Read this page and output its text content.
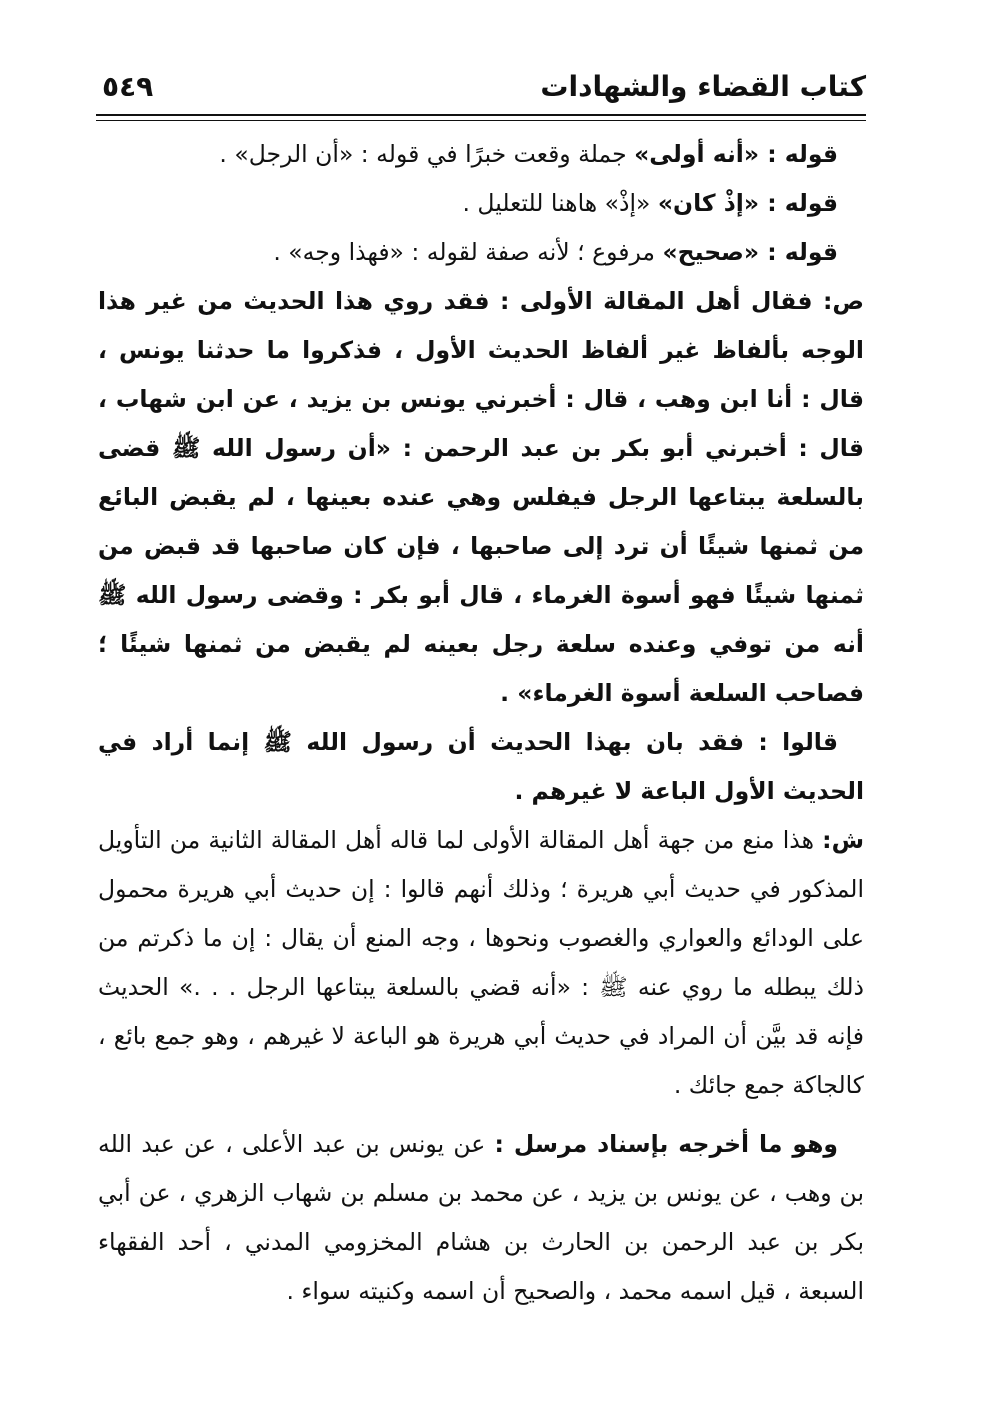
كتاب القضاء والشهادات
٥٤٩

قوله : «أنه أولى» جملة وقعت خبرًا في قوله : «أن الرجل» .

قوله : «إذْ كان» «إذْ» هاهنا للتعليل .

قوله : «صحيح» مرفوع ؛ لأنه صفة لقوله : «فهذا وجه» .

ص: فقال أهل المقالة الأولى : فقد روي هذا الحديث من غير هذا الوجه بألفاظ غير ألفاظ الحديث الأول ، فذكروا ما حدثنا يونس ، قال : أنا ابن وهب ، قال : أخبرني يونس بن يزيد ، عن ابن شهاب ، قال : أخبرني أبو بكر بن عبد الرحمن : «أن رسول الله ﷺ قضى بالسلعة يبتاعها الرجل فيفلس وهي عنده بعينها ، لم يقبض البائع من ثمنها شيئًا أن ترد إلى صاحبها ، فإن كان صاحبها قد قبض من ثمنها شيئًا فهو أسوة الغرماء ، قال أبو بكر : وقضى رسول الله ﷺ أنه من توفي وعنده سلعة رجل بعينه لم يقبض من ثمنها شيئًا ؛ فصاحب السلعة أسوة الغرماء» .

قالوا : فقد بان بهذا الحديث أن رسول الله ﷺ إنما أراد في الحديث الأول الباعة لا غيرهم .

ش: هذا منع من جهة أهل المقالة الأولى لما قاله أهل المقالة الثانية من التأويل المذكور في حديث أبي هريرة ؛ وذلك أنهم قالوا : إن حديث أبي هريرة محمول على الودائع والعواري والغصوب ونحوها ، وجه المنع أن يقال : إن ما ذكرتم من ذلك يبطله ما روي عنه ﷺ : «أنه قضي بالسلعة يبتاعها الرجل . . .» الحديث فإنه قد بيَّن أن المراد في حديث أبي هريرة هو الباعة لا غيرهم ، وهو جمع بائع ، كالجاكة جمع جائك .

وهو ما أخرجه بإسناد مرسل : عن يونس بن عبد الأعلى ، عن عبد الله بن وهب ، عن يونس بن يزيد ، عن محمد بن مسلم بن شهاب الزهري ، عن أبي بكر بن عبد الرحمن بن الحارث بن هشام المخزومي المدني ، أحد الفقهاء السبعة ، قيل اسمه محمد ، والصحيح أن اسمه وكنيته سواء .
